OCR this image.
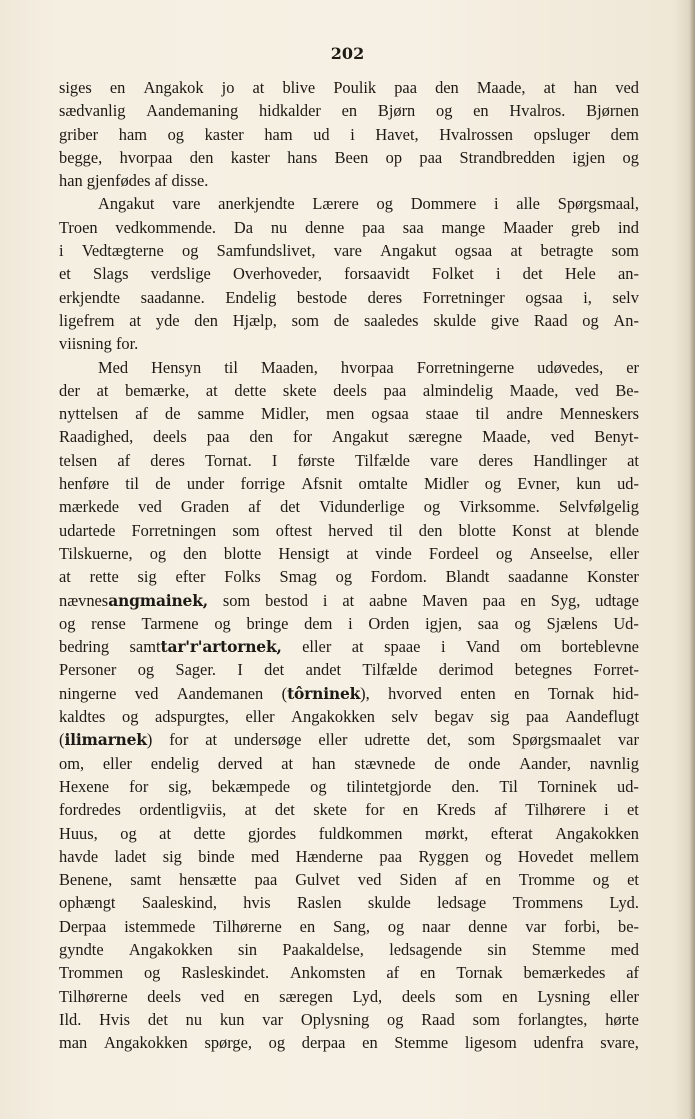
202
siges en Angakok jo at blive Poulik paa den Maade, at han ved
sædvanlig Aandemaning hidkalder en Bjørn og en Hvalros. Bjørnen
griber ham og kaster ham ud i Havet, Hvalrossen opsluger dem
begge, hvorpaa den kaster hans Been op paa Strandbredden igjen og
han
gjenfødes
af
disse.
Angakut vare anerkjendte Lærere og Dommere i alle Spørgsmaal,
Troen vedkommende. Da nu denne paa saa mange Maader greb ind
i Vedtægterne og Samfundslivet, vare Angakut ogsaa at betragte som
et Slags verdslige Overhoveder, forsaavidt Folket i det Hele an-
erkjendte saadanne. Endelig bestode deres Forretninger ogsaa i, selv
ligefrem at yde den Hjælp, som de saaledes skulde give Raad og An-
viisning
for.
Med Hensyn til Maaden, hvorpaa Forretningerne udøvedes, er
der at bemærke, at dette skete deels paa almindelig Maade, ved Be-
nyttelsen af de samme Midler, men ogsaa staae til andre Menneskers
Raadighed, deels paa den for Angakut særegne Maade, ved Benyt-
telsen af deres Tornat. I første Tilfælde vare deres Handlinger at
henføre til de under forrige Afsnit omtalte Midler og Evner, kun ud-
mærkede ved Graden af det Vidunderlige og Virksomme. Selvfølgelig
udartede Forretningen som oftest herved til den blotte Konst at blende
Tilskuerne, og den blotte Hensigt at vinde Fordeel og Anseelse, eller
at rette sig efter Folks Smag og Fordom. Blandt saadanne Konster
nævnesangmainek, som bestod i at aabne Maven paa en Syg, udtage
og rense Tarmene og bringe dem i Orden igjen, saa og Sjælens Ud-
bedring samttar'r'artornek, eller at spaae i Vand om borteblevne
Personer og Sager. I det andet Tilfælde derimod betegnes Forret-
ningerne ved Aandemanen (tôrninek), hvorved enten en Tornak hid-
kaldtes og adspurgtes, eller Angakokken selv begav sig paa Aandeflugt
(ilimarnek) for at undersøge eller udrette det, som Spørgsmaalet var
om, eller endelig derved at han stævnede de onde Aander, navnlig
Hexene for sig, bekæmpede og tilintetgjorde den. Til Torninek ud-
fordredes ordentligviis, at det skete for en Kreds af Tilhørere i et
Huus, og at dette gjordes fuldkommen mørkt, efterat Angakokken
havde ladet sig binde med Hænderne paa Ryggen og Hovedet mellem
Benene, samt hensætte paa Gulvet ved Siden af en Tromme og et
ophængt Saaleskind, hvis Raslen skulde ledsage Trommens Lyd.
Derpaa istemmede Tilhørerne en Sang, og naar denne var forbi, be-
gyndte Angakokken sin Paakaldelse, ledsagende sin Stemme med
Trommen og Rasleskindet. Ankomsten af en Tornak bemærkedes af
Tilhørerne deels ved en særegen Lyd, deels som en Lysning eller
Ild. Hvis det nu kun var Oplysning og Raad som forlangtes, hørte
man Angakokken spørge, og derpaa en Stemme ligesom udenfra svare,
